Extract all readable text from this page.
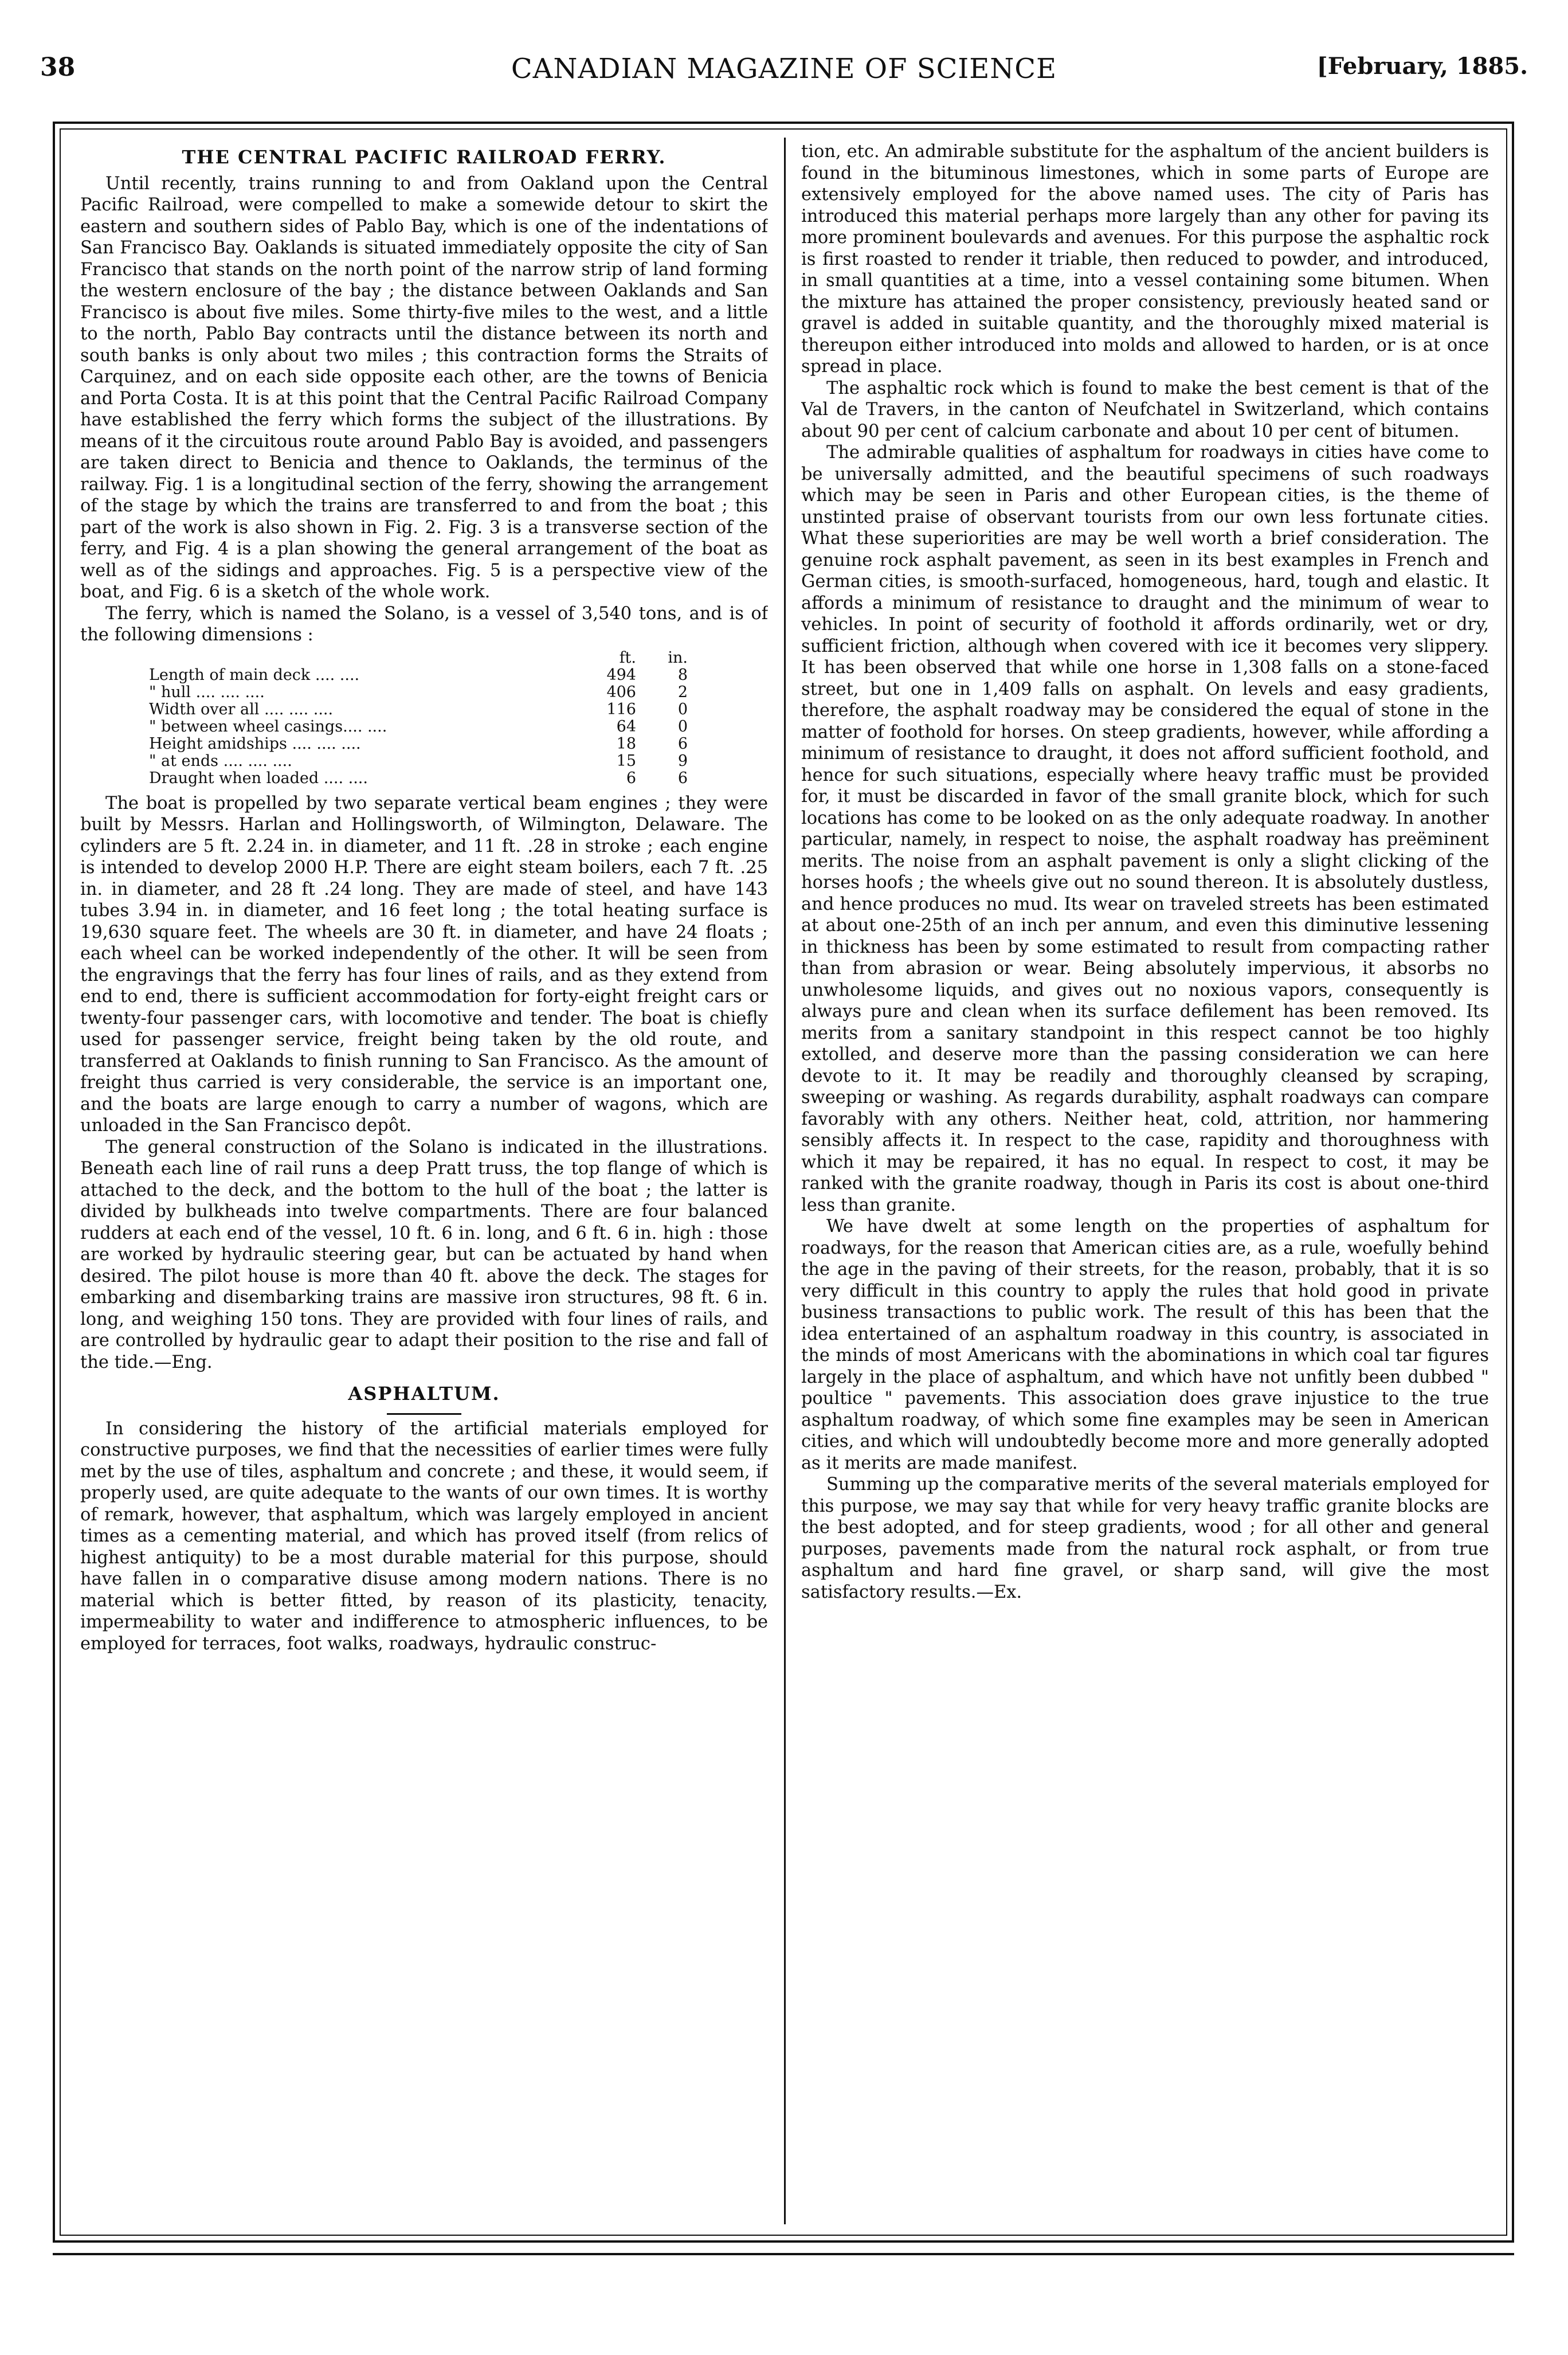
38	CANADIAN MAGAZINE OF SCIENCE	[February, 1885.
THE CENTRAL PACIFIC RAILROAD FERRY.

Until recently, trains running to and from Oakland upon the Central Pacific Railroad, were compelled to make a somewide detour to skirt the eastern and southern sides of Pablo Bay, which is one of the indentations of San Francisco Bay. Oaklands is situated immediately opposite the city of San Francisco that stands on the north point of the narrow strip of land forming the western enclosure of the bay ; the distance between Oaklands and San Francisco is about five miles. Some thirty-five miles to the west, and a little to the north, Pablo Bay contracts until the distance between its north and south banks is only about two miles ; this contraction forms the Straits of Carquinez, and on each side opposite each other, are the towns of Benicia and Porta Costa. It is at this point that the Central Pacific Railroad Company have established the ferry which forms the subject of the illustrations. By means of it the circuitous route around Pablo Bay is avoided, and passengers are taken direct to Benicia and thence to Oaklands, the terminus of the railway. Fig. 1 is a longitudinal section of the ferry, showing the arrangement of the stage by which the trains are transferred to and from the boat ; this part of the work is also shown in Fig. 2. Fig. 3 is a transverse section of the ferry, and Fig. 4 is a plan showing the general arrangement of the boat as well as of the sidings and approaches. Fig. 5 is a perspective view of the boat, and Fig. 6 is a sketch of the whole work.

The ferry, which is named the Solano, is a vessel of 3,540 tons, and is of the following dimensions :

ft.	in.
Length of main deck .... ....	494	8
" hull .... .... ....	406	2
Width over all .... .... ....	116	0
" between wheel casings.... ....	64	0
Height amidships .... .... ....	18	6
" at ends .... .... ....	15	9
Draught when loaded .... ....	6	6

The boat is propelled by two separate vertical beam engines ; they were built by Messrs. Harlan and Hollingsworth, of Wilmington, Delaware. The cylinders are 5 ft. 2.24 in. in diameter, and 11 ft. .28 in stroke ; each engine is intended to develop 2000 H.P. There are eight steam boilers, each 7 ft. .25 in. in diameter, and 28 ft .24 long. They are made of steel, and have 143 tubes 3.94 in. in diameter, and 16 feet long ; the total heating surface is 19,630 square feet. The wheels are 30 ft. in diameter, and have 24 floats ; each wheel can be worked independently of the other. It will be seen from the engravings that the ferry has four lines of rails, and as they extend from end to end, there is sufficient accommodation for forty-eight freight cars or twenty-four passenger cars, with locomotive and tender. The boat is chiefly used for passenger service, freight being taken by the old route, and transferred at Oaklands to finish running to San Francisco. As the amount of freight thus carried is very considerable, the service is an important one, and the boats are large enough to carry a number of wagons, which are unloaded in the San Francisco depôt.

The general construction of the Solano is indicated in the illustrations. Beneath each line of rail runs a deep Pratt truss, the top flange of which is attached to the deck, and the bottom to the hull of the boat ; the latter is divided by bulkheads into twelve compartments. There are four balanced rudders at each end of the vessel, 10 ft. 6 in. long, and 6 ft. 6 in. high : those are worked by hydraulic steering gear, but can be actuated by hand when desired. The pilot house is more than 40 ft. above the deck. The stages for embarking and disembarking trains are massive iron structures, 98 ft. 6 in. long, and weighing 150 tons. They are provided with four lines of rails, and are controlled by hydraulic gear to adapt their position to the rise and fall of the tide.—Eng.

ASPHALTUM.

In considering the history of the artificial materials employed for constructive purposes, we find that the necessities of earlier times were fully met by the use of tiles, asphaltum and concrete ; and these, it would seem, if properly used, are quite adequate to the wants of our own times. It is worthy of remark, however, that asphaltum, which was largely employed in ancient times as a cementing material, and which has proved itself (from relics of highest antiquity) to be a most durable material for this purpose, should have fallen in o comparative disuse among modern nations. There is no material which is better fitted, by reason of its plasticity, tenacity, impermeability to water and indifference to atmospheric influences, to be employed for terraces, foot walks, roadways, hydraulic construc-

tion, etc. An admirable substitute for the asphaltum of the ancient builders is found in the bituminous limestones, which in some parts of Europe are extensively employed for the above named uses. The city of Paris has introduced this material perhaps more largely than any other for paving its more prominent boulevards and avenues. For this purpose the asphaltic rock is first roasted to render it triable, then reduced to powder, and introduced, in small quantities at a time, into a vessel containing some bitumen. When the mixture has attained the proper consistency, previously heated sand or gravel is added in suitable quantity, and the thoroughly mixed material is thereupon either introduced into molds and allowed to harden, or is at once spread in place.

The asphaltic rock which is found to make the best cement is that of the Val de Travers, in the canton of Neufchatel in Switzerland, which contains about 90 per cent of calcium carbonate and about 10 per cent of bitumen.

The admirable qualities of asphaltum for roadways in cities have come to be universally admitted, and the beautiful specimens of such roadways which may be seen in Paris and other European cities, is the theme of unstinted praise of observant tourists from our own less fortunate cities. What these superiorities are may be well worth a brief consideration. The genuine rock asphalt pavement, as seen in its best examples in French and German cities, is smooth-surfaced, homogeneous, hard, tough and elastic. It affords a minimum of resistance to draught and the minimum of wear to vehicles. In point of security of foothold it affords ordinarily, wet or dry, sufficient friction, although when covered with ice it becomes very slippery. It has been observed that while one horse in 1,308 falls on a stone-faced street, but one in 1,409 falls on asphalt. On levels and easy gradients, therefore, the asphalt roadway may be considered the equal of stone in the matter of foothold for horses. On steep gradients, however, while affording a minimum of resistance to draught, it does not afford sufficient foothold, and hence for such situations, especially where heavy traffic must be provided for, it must be discarded in favor of the small granite block, which for such locations has come to be looked on as the only adequate roadway. In another particular, namely, in respect to noise, the asphalt roadway has preëminent merits. The noise from an asphalt pavement is only a slight clicking of the horses hoofs ; the wheels give out no sound thereon. It is absolutely dustless, and hence produces no mud. Its wear on traveled streets has been estimated at about one-25th of an inch per annum, and even this diminutive lessening in thickness has been by some estimated to result from compacting rather than from abrasion or wear. Being absolutely impervious, it absorbs no unwholesome liquids, and gives out no noxious vapors, consequently is always pure and clean when its surface defilement has been removed. Its merits from a sanitary standpoint in this respect cannot be too highly extolled, and deserve more than the passing consideration we can here devote to it. It may be readily and thoroughly cleansed by scraping, sweeping or washing. As regards durability, asphalt roadways can compare favorably with any others. Neither heat, cold, attrition, nor hammering sensibly affects it. In respect to the case, rapidity and thoroughness with which it may be repaired, it has no equal. In respect to cost, it may be ranked with the granite roadway, though in Paris its cost is about one-third less than granite.

We have dwelt at some length on the properties of asphaltum for roadways, for the reason that American cities are, as a rule, woefully behind the age in the paving of their streets, for the reason, probably, that it is so very difficult in this country to apply the rules that hold good in private business transactions to public work. The result of this has been that the idea entertained of an asphaltum roadway in this country, is associated in the minds of most Americans with the abominations in which coal tar figures largely in the place of asphaltum, and which have not unfitly been dubbed " poultice " pavements. This association does grave injustice to the true asphaltum roadway, of which some fine examples may be seen in American cities, and which will undoubtedly become more and more generally adopted as it merits are made manifest.

Summing up the comparative merits of the several materials employed for this purpose, we may say that while for very heavy traffic granite blocks are the best adopted, and for steep gradients, wood ; for all other and general purposes, pavements made from the natural rock asphalt, or from true asphaltum and hard fine gravel, or sharp sand, will give the most satisfactory results.—Ex.
